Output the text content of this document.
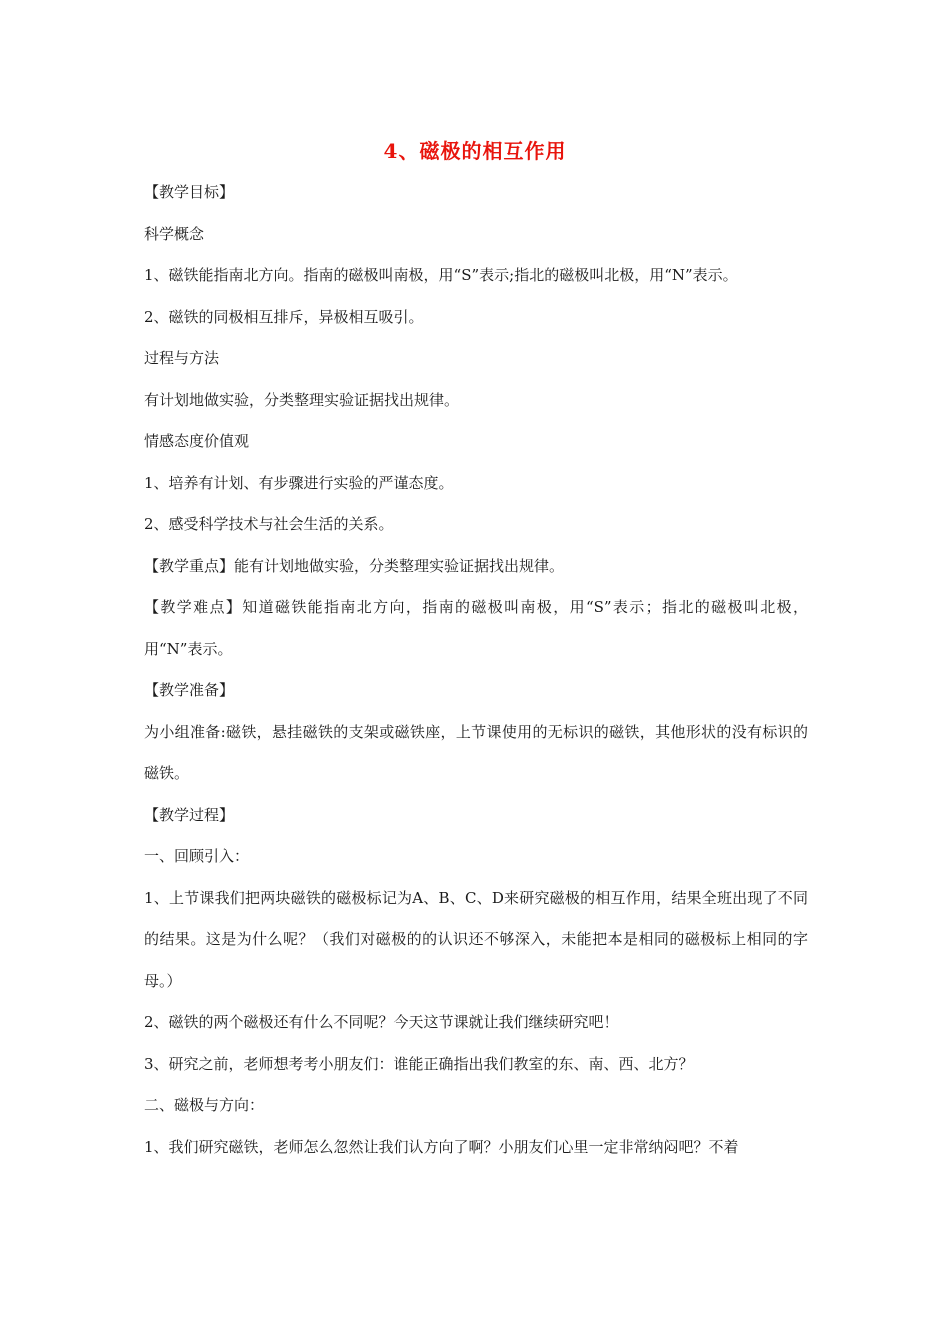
4、磁极的相互作用

【教学目标】

科学概念

1、磁铁能指南北方向。指南的磁极叫南极，用“S”表示;指北的磁极叫北极，用“N”表示。

2、磁铁的同极相互排斥，异极相互吸引。

过程与方法

有计划地做实验，分类整理实验证据找出规律。

情感态度价值观

1、培养有计划、有步骤进行实验的严谨态度。

2、感受科学技术与社会生活的关系。

【教学重点】能有计划地做实验，分类整理实验证据找出规律。

【教学难点】知道磁铁能指南北方向，指南的磁极叫南极，用“S”表示；指北的磁极叫北极，用“N”表示。

【教学准备】

为小组准备:磁铁，悬挂磁铁的支架或磁铁座，上节课使用的无标识的磁铁，其他形状的没有标识的磁铁。

【教学过程】

一、回顾引入：

1、上节课我们把两块磁铁的磁极标记为A、B、C、D来研究磁极的相互作用，结果全班出现了不同的结果。这是为什么呢？（我们对磁极的的认识还不够深入，未能把本是相同的磁极标上相同的字母。）

2、磁铁的两个磁极还有什么不同呢？今天这节课就让我们继续研究吧！

3、研究之前，老师想考考小朋友们：谁能正确指出我们教室的东、南、西、北方？

二、磁极与方向：

1、我们研究磁铁，老师怎么忽然让我们认方向了啊？小朋友们心里一定非常纳闷吧？不着
